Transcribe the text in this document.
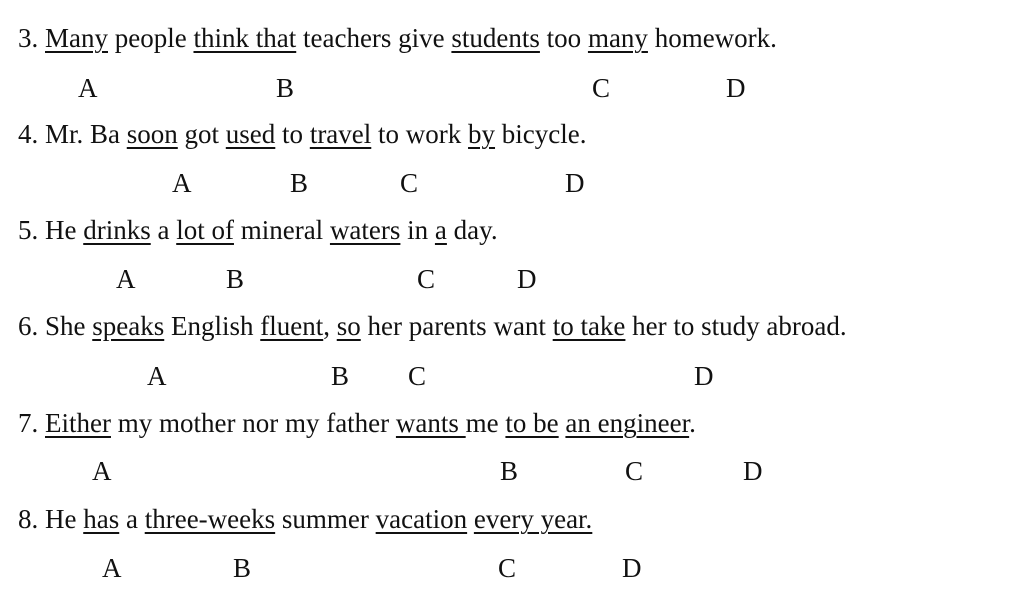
3. Many people think that teachers give students too many homework.
A	B	C	D
4. Mr. Ba soon got used to travel to work by bicycle.
A	B	C	D
5. He drinks a lot of mineral waters in a day.
A	B	C	D
6. She speaks English fluent, so her parents want to take her to study abroad.
A	B C	D
7. Either my mother nor my father wants me to be an engineer.
A	B	C	D
8. He has a three-weeks summer vacation every year.
A	B	C	D
